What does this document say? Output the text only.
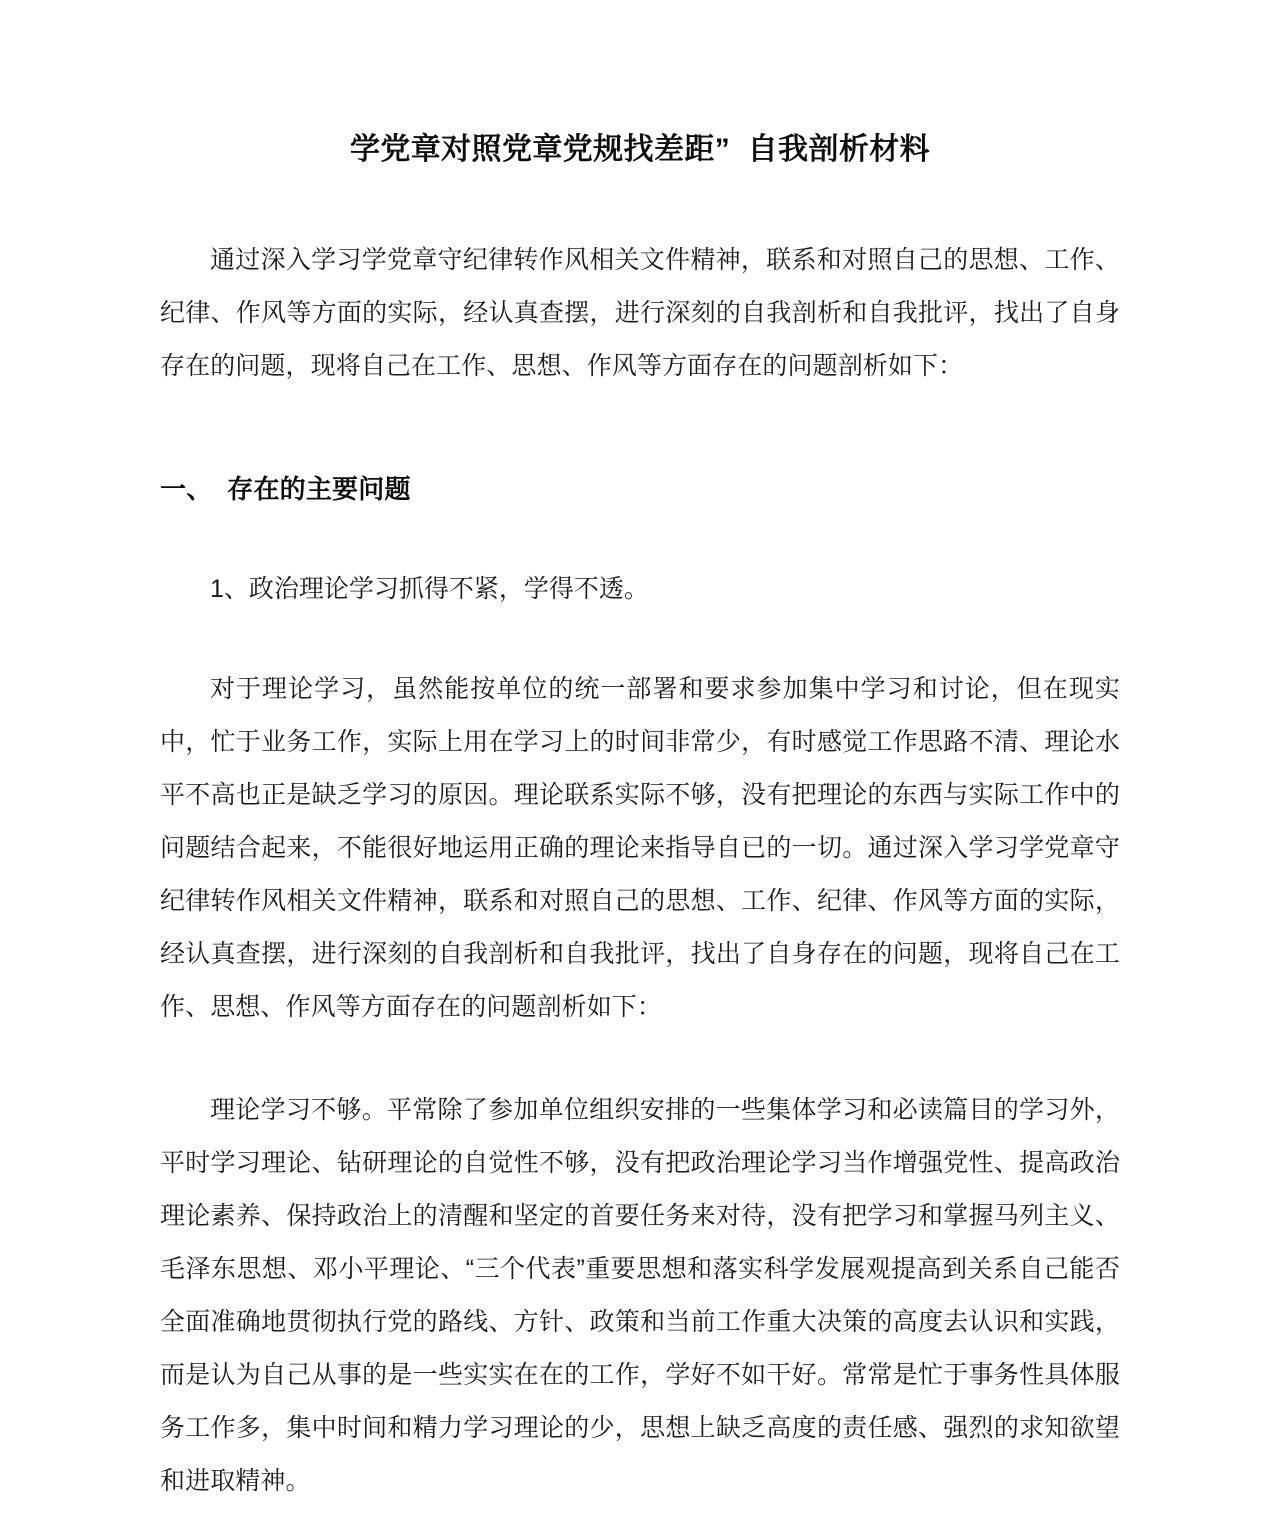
学党章对照党章党规找差距”  自我剖析材料

通过深入学习学党章守纪律转作风相关文件精神，联系和对照自己的思想、工作、纪律、作风等方面的实际，经认真查摆，进行深刻的自我剖析和自我批评，找出了自身存在的问题，现将自己在工作、思想、作风等方面存在的问题剖析如下：

一、  存在的主要问题

1、政治理论学习抓得不紧，学得不透。

对于理论学习，虽然能按单位的统一部署和要求参加集中学习和讨论，但在现实中，忙于业务工作，实际上用在学习上的时间非常少，有时感觉工作思路不清、理论水平不高也正是缺乏学习的原因。理论联系实际不够，没有把理论的东西与实际工作中的问题结合起来，不能很好地运用正确的理论来指导自已的一切。通过深入学习学党章守纪律转作风相关文件精神，联系和对照自己的思想、工作、纪律、作风等方面的实际，经认真查摆，进行深刻的自我剖析和自我批评，找出了自身存在的问题，现将自己在工作、思想、作风等方面存在的问题剖析如下：

理论学习不够。平常除了参加单位组织安排的一些集体学习和必读篇目的学习外，平时学习理论、钻研理论的自觉性不够，没有把政治理论学习当作增强党性、提高政治理论素养、保持政治上的清醒和坚定的首要任务来对待，没有把学习和掌握马列主义、毛泽东思想、邓小平理论、“三个代表”重要思想和落实科学发展观提高到关系自己能否全面准确地贯彻执行党的路线、方针、政策和当前工作重大决策的高度去认识和实践，而是认为自己从事的是一些实实在在的工作，学好不如干好。常常是忙于事务性具体服务工作多，集中时间和精力学习理论的少，思想上缺乏高度的责任感、强烈的求知欲望和进取精神。
